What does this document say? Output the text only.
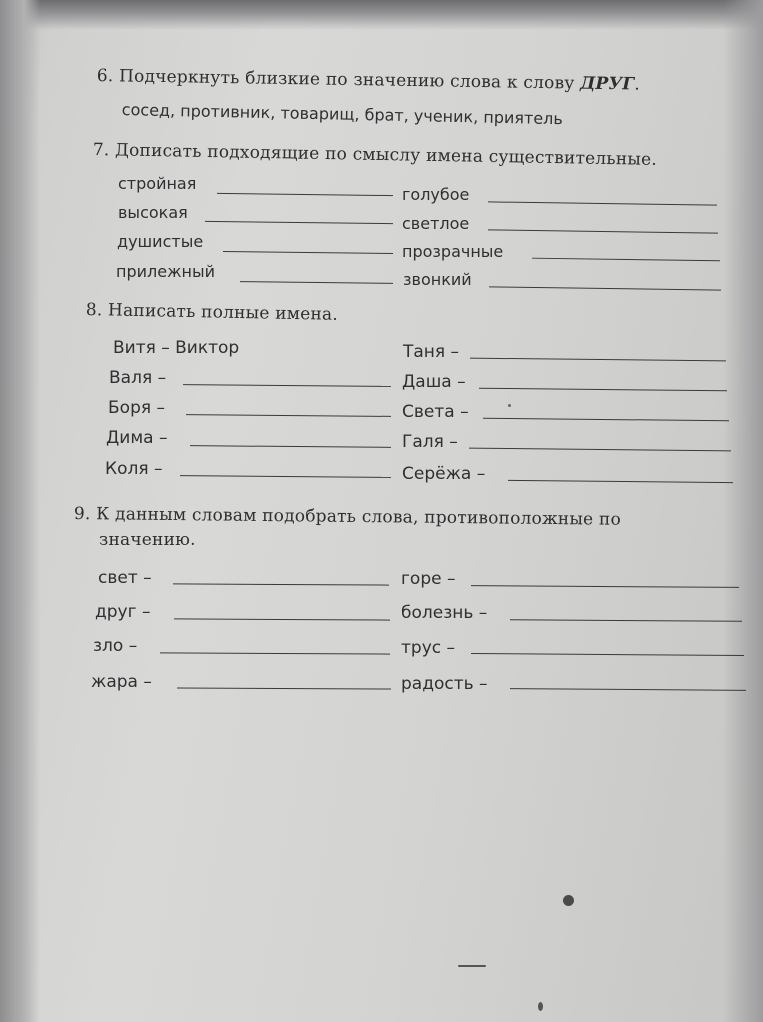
6. Подчеркнуть близкие по значению слова к слову ДРУГ.
сосед, противник, товарищ, брат, ученик, приятель
7. Дописать подходящие по смыслу имена существительные.
стройная
высокая
душистые
прилежный
голубое
светлое
прозрачные
звонкий
8. Написать полные имена.
Витя – Виктор
Валя –
Боря –
Дима –
Коля –
Таня –
Даша –
Света –
Галя –
Серёжа –
9. К данным словам подобрать слова, противоположные по
значению.
свет –
друг –
зло –
жара –
горе –
болезнь –
трус –
радость –
